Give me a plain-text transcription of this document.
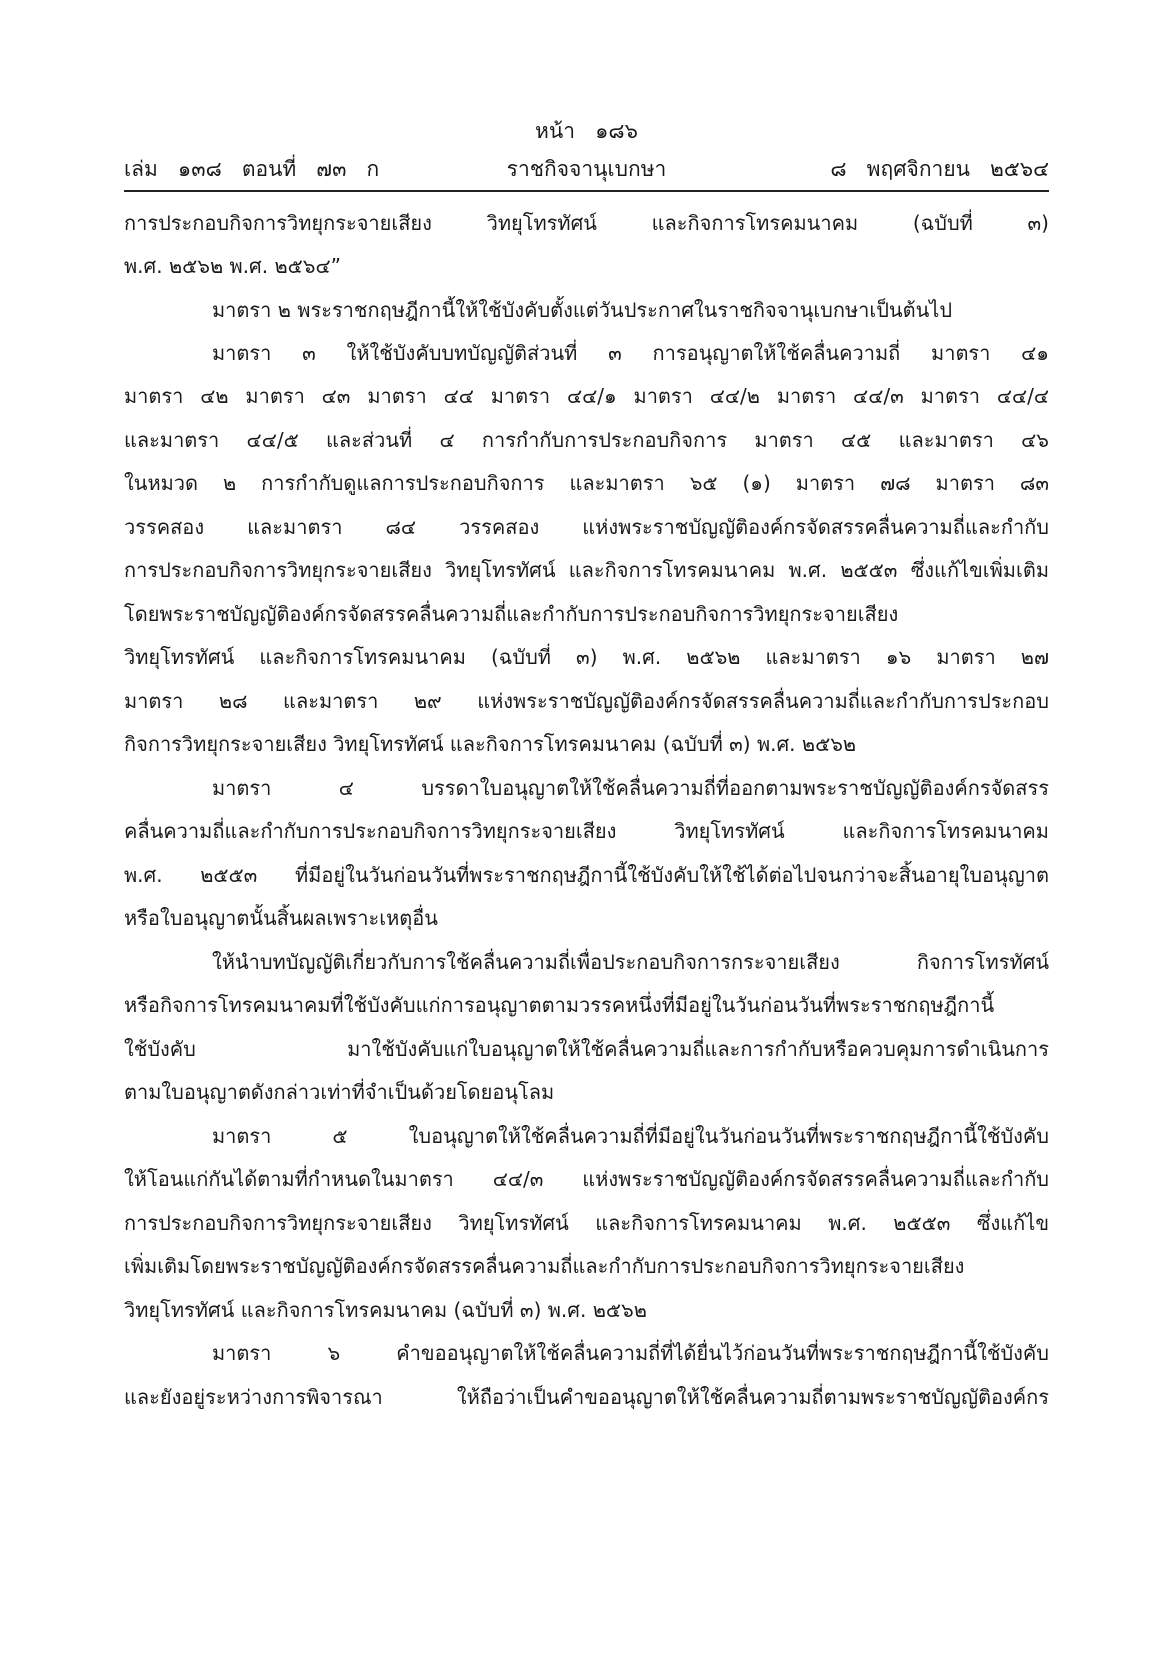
หน้า   ๑๘๖
เล่ม   ๑๓๘   ตอนที่   ๗๓   ก	ราชกิจจานุเบกษา	๘   พฤศจิกายน   ๒๕๖๔
การประกอบกิจการวิทยุกระจายเสียง วิทยุโทรทัศน์ และกิจการโทรคมนาคม (ฉบับที่ ๓)
พ.ศ. ๒๕๖๒ พ.ศ. ๒๕๖๔”
มาตรา ๒ พระราชกฤษฎีกานี้ให้ใช้บังคับตั้งแต่วันประกาศในราชกิจจานุเบกษาเป็นต้นไป
มาตรา ๓ ให้ใช้บังคับบทบัญญัติส่วนที่ ๓ การอนุญาตให้ใช้คลื่นความถี่ มาตรา ๔๑
มาตรา ๔๒ มาตรา ๔๓ มาตรา ๔๔ มาตรา ๔๔/๑ มาตรา ๔๔/๒ มาตรา ๔๔/๓ มาตรา ๔๔/๔
และมาตรา ๔๔/๕ และส่วนที่ ๔ การกำกับการประกอบกิจการ มาตรา ๔๕ และมาตรา ๔๖
ในหมวด ๒ การกำกับดูแลการประกอบกิจการ และมาตรา ๖๕ (๑) มาตรา ๗๘ มาตรา ๘๓
วรรคสอง และมาตรา ๘๔ วรรคสอง แห่งพระราชบัญญัติองค์กรจัดสรรคลื่นความถี่และกำกับ
การประกอบกิจการวิทยุกระจายเสียง วิทยุโทรทัศน์ และกิจการโทรคมนาคม พ.ศ. ๒๕๕๓ ซึ่งแก้ไขเพิ่มเติม
โดยพระราชบัญญัติองค์กรจัดสรรคลื่นความถี่และกำกับการประกอบกิจการวิทยุกระจายเสียง
วิทยุโทรทัศน์ และกิจการโทรคมนาคม (ฉบับที่ ๓) พ.ศ. ๒๕๖๒ และมาตรา ๑๖ มาตรา ๒๗
มาตรา ๒๘ และมาตรา ๒๙ แห่งพระราชบัญญัติองค์กรจัดสรรคลื่นความถี่และกำกับการประกอบ
กิจการวิทยุกระจายเสียง วิทยุโทรทัศน์ และกิจการโทรคมนาคม (ฉบับที่ ๓) พ.ศ. ๒๕๖๒
มาตรา ๔ บรรดาใบอนุญาตให้ใช้คลื่นความถี่ที่ออกตามพระราชบัญญัติองค์กรจัดสรร
คลื่นความถี่และกำกับการประกอบกิจการวิทยุกระจายเสียง วิทยุโทรทัศน์ และกิจการโทรคมนาคม
พ.ศ. ๒๕๕๓ ที่มีอยู่ในวันก่อนวันที่พระราชกฤษฎีกานี้ใช้บังคับให้ใช้ได้ต่อไปจนกว่าจะสิ้นอายุใบอนุญาต
หรือใบอนุญาตนั้นสิ้นผลเพราะเหตุอื่น
ให้นำบทบัญญัติเกี่ยวกับการใช้คลื่นความถี่เพื่อประกอบกิจการกระจายเสียง กิจการโทรทัศน์
หรือกิจการโทรคมนาคมที่ใช้บังคับแก่การอนุญาตตามวรรคหนึ่งที่มีอยู่ในวันก่อนวันที่พระราชกฤษฎีกานี้
ใช้บังคับ มาใช้บังคับแก่ใบอนุญาตให้ใช้คลื่นความถี่และการกำกับหรือควบคุมการดำเนินการ
ตามใบอนุญาตดังกล่าวเท่าที่จำเป็นด้วยโดยอนุโลม
มาตรา ๕ ใบอนุญาตให้ใช้คลื่นความถี่ที่มีอยู่ในวันก่อนวันที่พระราชกฤษฎีกานี้ใช้บังคับ
ให้โอนแก่กันได้ตามที่กำหนดในมาตรา ๔๔/๓ แห่งพระราชบัญญัติองค์กรจัดสรรคลื่นความถี่และกำกับ
การประกอบกิจการวิทยุกระจายเสียง วิทยุโทรทัศน์ และกิจการโทรคมนาคม พ.ศ. ๒๕๕๓ ซึ่งแก้ไข
เพิ่มเติมโดยพระราชบัญญัติองค์กรจัดสรรคลื่นความถี่และกำกับการประกอบกิจการวิทยุกระจายเสียง
วิทยุโทรทัศน์ และกิจการโทรคมนาคม (ฉบับที่ ๓) พ.ศ. ๒๕๖๒
มาตรา ๖ คำขออนุญาตให้ใช้คลื่นความถี่ที่ได้ยื่นไว้ก่อนวันที่พระราชกฤษฎีกานี้ใช้บังคับ
และยังอยู่ระหว่างการพิจารณา ให้ถือว่าเป็นคำขออนุญาตให้ใช้คลื่นความถี่ตามพระราชบัญญัติองค์กร
